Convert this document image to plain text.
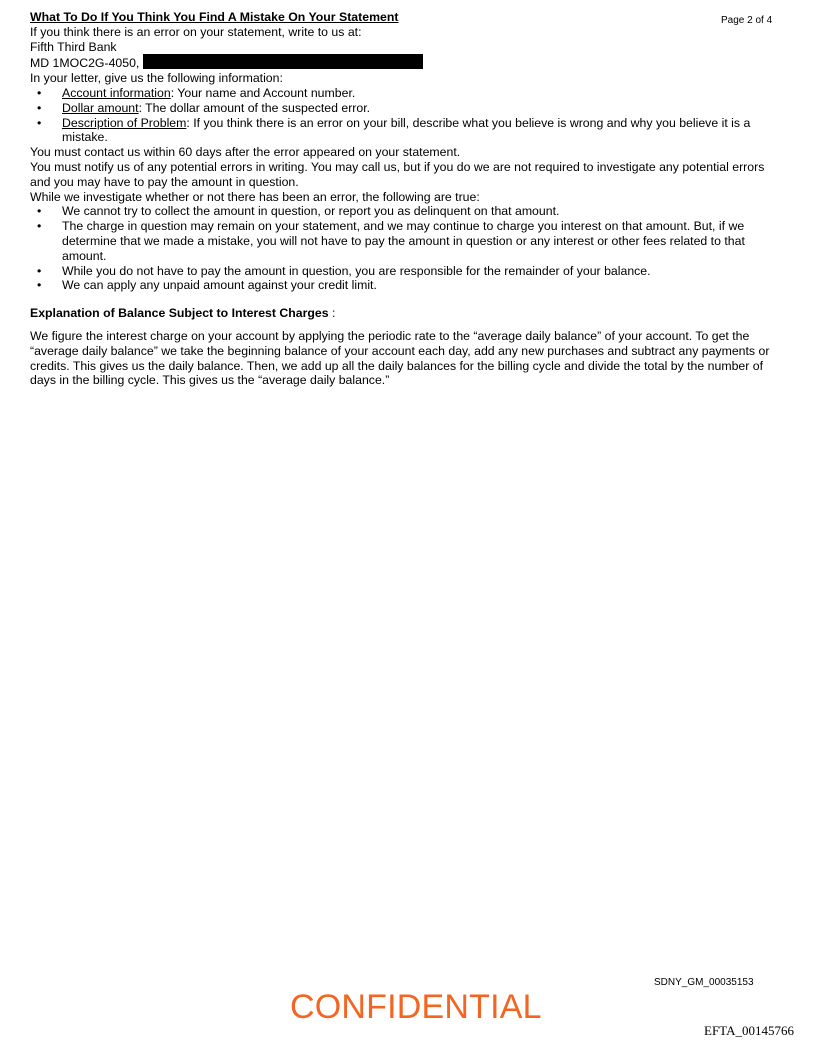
Page 2 of 4
What To Do If You Think You Find A Mistake On Your Statement
If you think there is an error on your statement, write to us at:
Fifth Third Bank
MD 1MOC2G-4050,
In your letter, give us the following information:
• Account information: Your name and Account number.
• Dollar amount: The dollar amount of the suspected error.
• Description of Problem: If you think there is an error on your bill, describe what you believe is wrong and why you believe it is a mistake.
You must contact us within 60 days after the error appeared on your statement.
You must notify us of any potential errors in writing. You may call us, but if you do we are not required to investigate any potential errors and you may have to pay the amount in question.
While we investigate whether or not there has been an error, the following are true:
• We cannot try to collect the amount in question, or report you as delinquent on that amount.
• The charge in question may remain on your statement, and we may continue to charge you interest on that amount. But, if we determine that we made a mistake, you will not have to pay the amount in question or any interest or other fees related to that amount.
• While you do not have to pay the amount in question, you are responsible for the remainder of your balance.
• We can apply any unpaid amount against your credit limit.
Explanation of Balance Subject to Interest Charges :
We figure the interest charge on your account by applying the periodic rate to the “average daily balance” of your account. To get the “average daily balance” we take the beginning balance of your account each day, add any new purchases and subtract any payments or credits. This gives us the daily balance. Then, we add up all the daily balances for the billing cycle and divide the total by the number of days in the billing cycle. This gives us the “average daily balance.”
SDNY_GM_00035153
CONFIDENTIAL
EFTA_00145766
